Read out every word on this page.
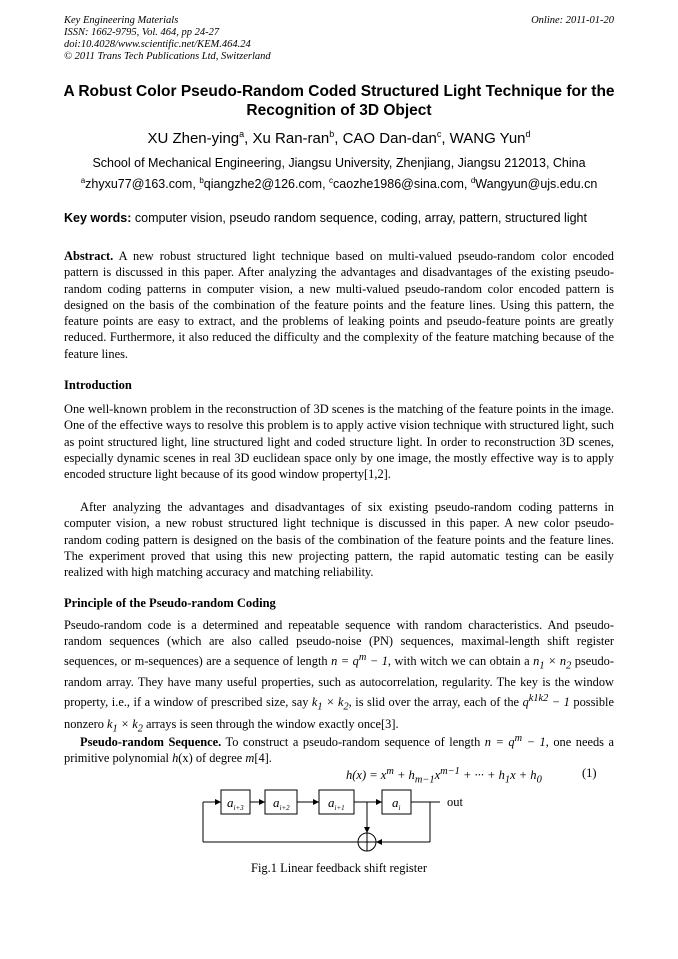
Key Engineering Materials
ISSN: 1662-9795, Vol. 464, pp 24-27
doi:10.4028/www.scientific.net/KEM.464.24
© 2011 Trans Tech Publications Ltd, Switzerland
Online: 2011-01-20
A Robust Color Pseudo-Random Coded Structured Light Technique for the Recognition of 3D Object
XU Zhen-ying$^a$, Xu Ran-ran$^b$, CAO Dan-dan$^c$, WANG Yun$^d$
School of Mechanical Engineering, Jiangsu University, Zhenjiang, Jiangsu 212013, China
$^a$zhyxu77@163.com, $^b$qiangzhe2@126.com, $^c$caozhe1986@sina.com, $^d$Wangyun@ujs.edu.cn
Key words: computer vision, pseudo random sequence, coding, array, pattern, structured light
Abstract. A new robust structured light technique based on multi-valued pseudo-random color encoded pattern is discussed in this paper. After analyzing the advantages and disadvantages of the existing pseudo-random coding patterns in computer vision, a new multi-valued pseudo-random color encoded pattern is designed on the basis of the combination of the feature points and the feature lines. Using this pattern, the feature points are easy to extract, and the problems of leaking points and pseudo-feature points are greatly reduced. Furthermore, it also reduced the difficulty and the complexity of the feature matching because of the feature lines.
Introduction
One well-known problem in the reconstruction of 3D scenes is the matching of the feature points in the image. One of the effective ways to resolve this problem is to apply active vision technique with structured light, such as point structured light, line structured light and coded structure light. In order to reconstruction 3D scenes, especially dynamic scenes in real 3D euclidean space only by one image, the mostly effective way is to apply encoded structure light because of its good window property[1,2].
After analyzing the advantages and disadvantages of six existing pseudo-random coding patterns in computer vision, a new robust structured light technique is discussed in this paper. A new color pseudo-random coding pattern is designed on the basis of the combination of the feature points and the feature lines. The experiment proved that using this new projecting pattern, the rapid automatic testing can be easily realized with high matching accuracy and matching reliability.
Principle of the Pseudo-random Coding
Pseudo-random code is a determined and repeatable sequence with random characteristics. And pseudo-random sequences (which are also called pseudo-noise (PN) sequences, maximal-length shift register sequences, or m-sequences) are a sequence of length $n = q^m - 1$, with witch we can obtain a $n_1 \times n_2$ pseudo-random array. They have many useful properties, such as autocorrelation, regularity. The key is the window property, i.e., if a window of prescribed size, say $k_1 \times k_2$, is slid over the array, each of the $q^{k1k2} - 1$ possible nonzero $k_1 \times k_2$ arrays is seen through the window exactly once[3].
Pseudo-random Sequence. To construct a pseudo-random sequence of length $n = q^m - 1$, one needs a primitive polynomial h(x) of degree m[4].
$h(x) = x^m + h_{m-1}x^{m-1}$ + ··· + $h_1x + h_0$
(1)
$a_{i+3}$ $a_{i+2}$	$a_{i+1}$	$a_i$	out
Fig.1 Linear feedback shift register
